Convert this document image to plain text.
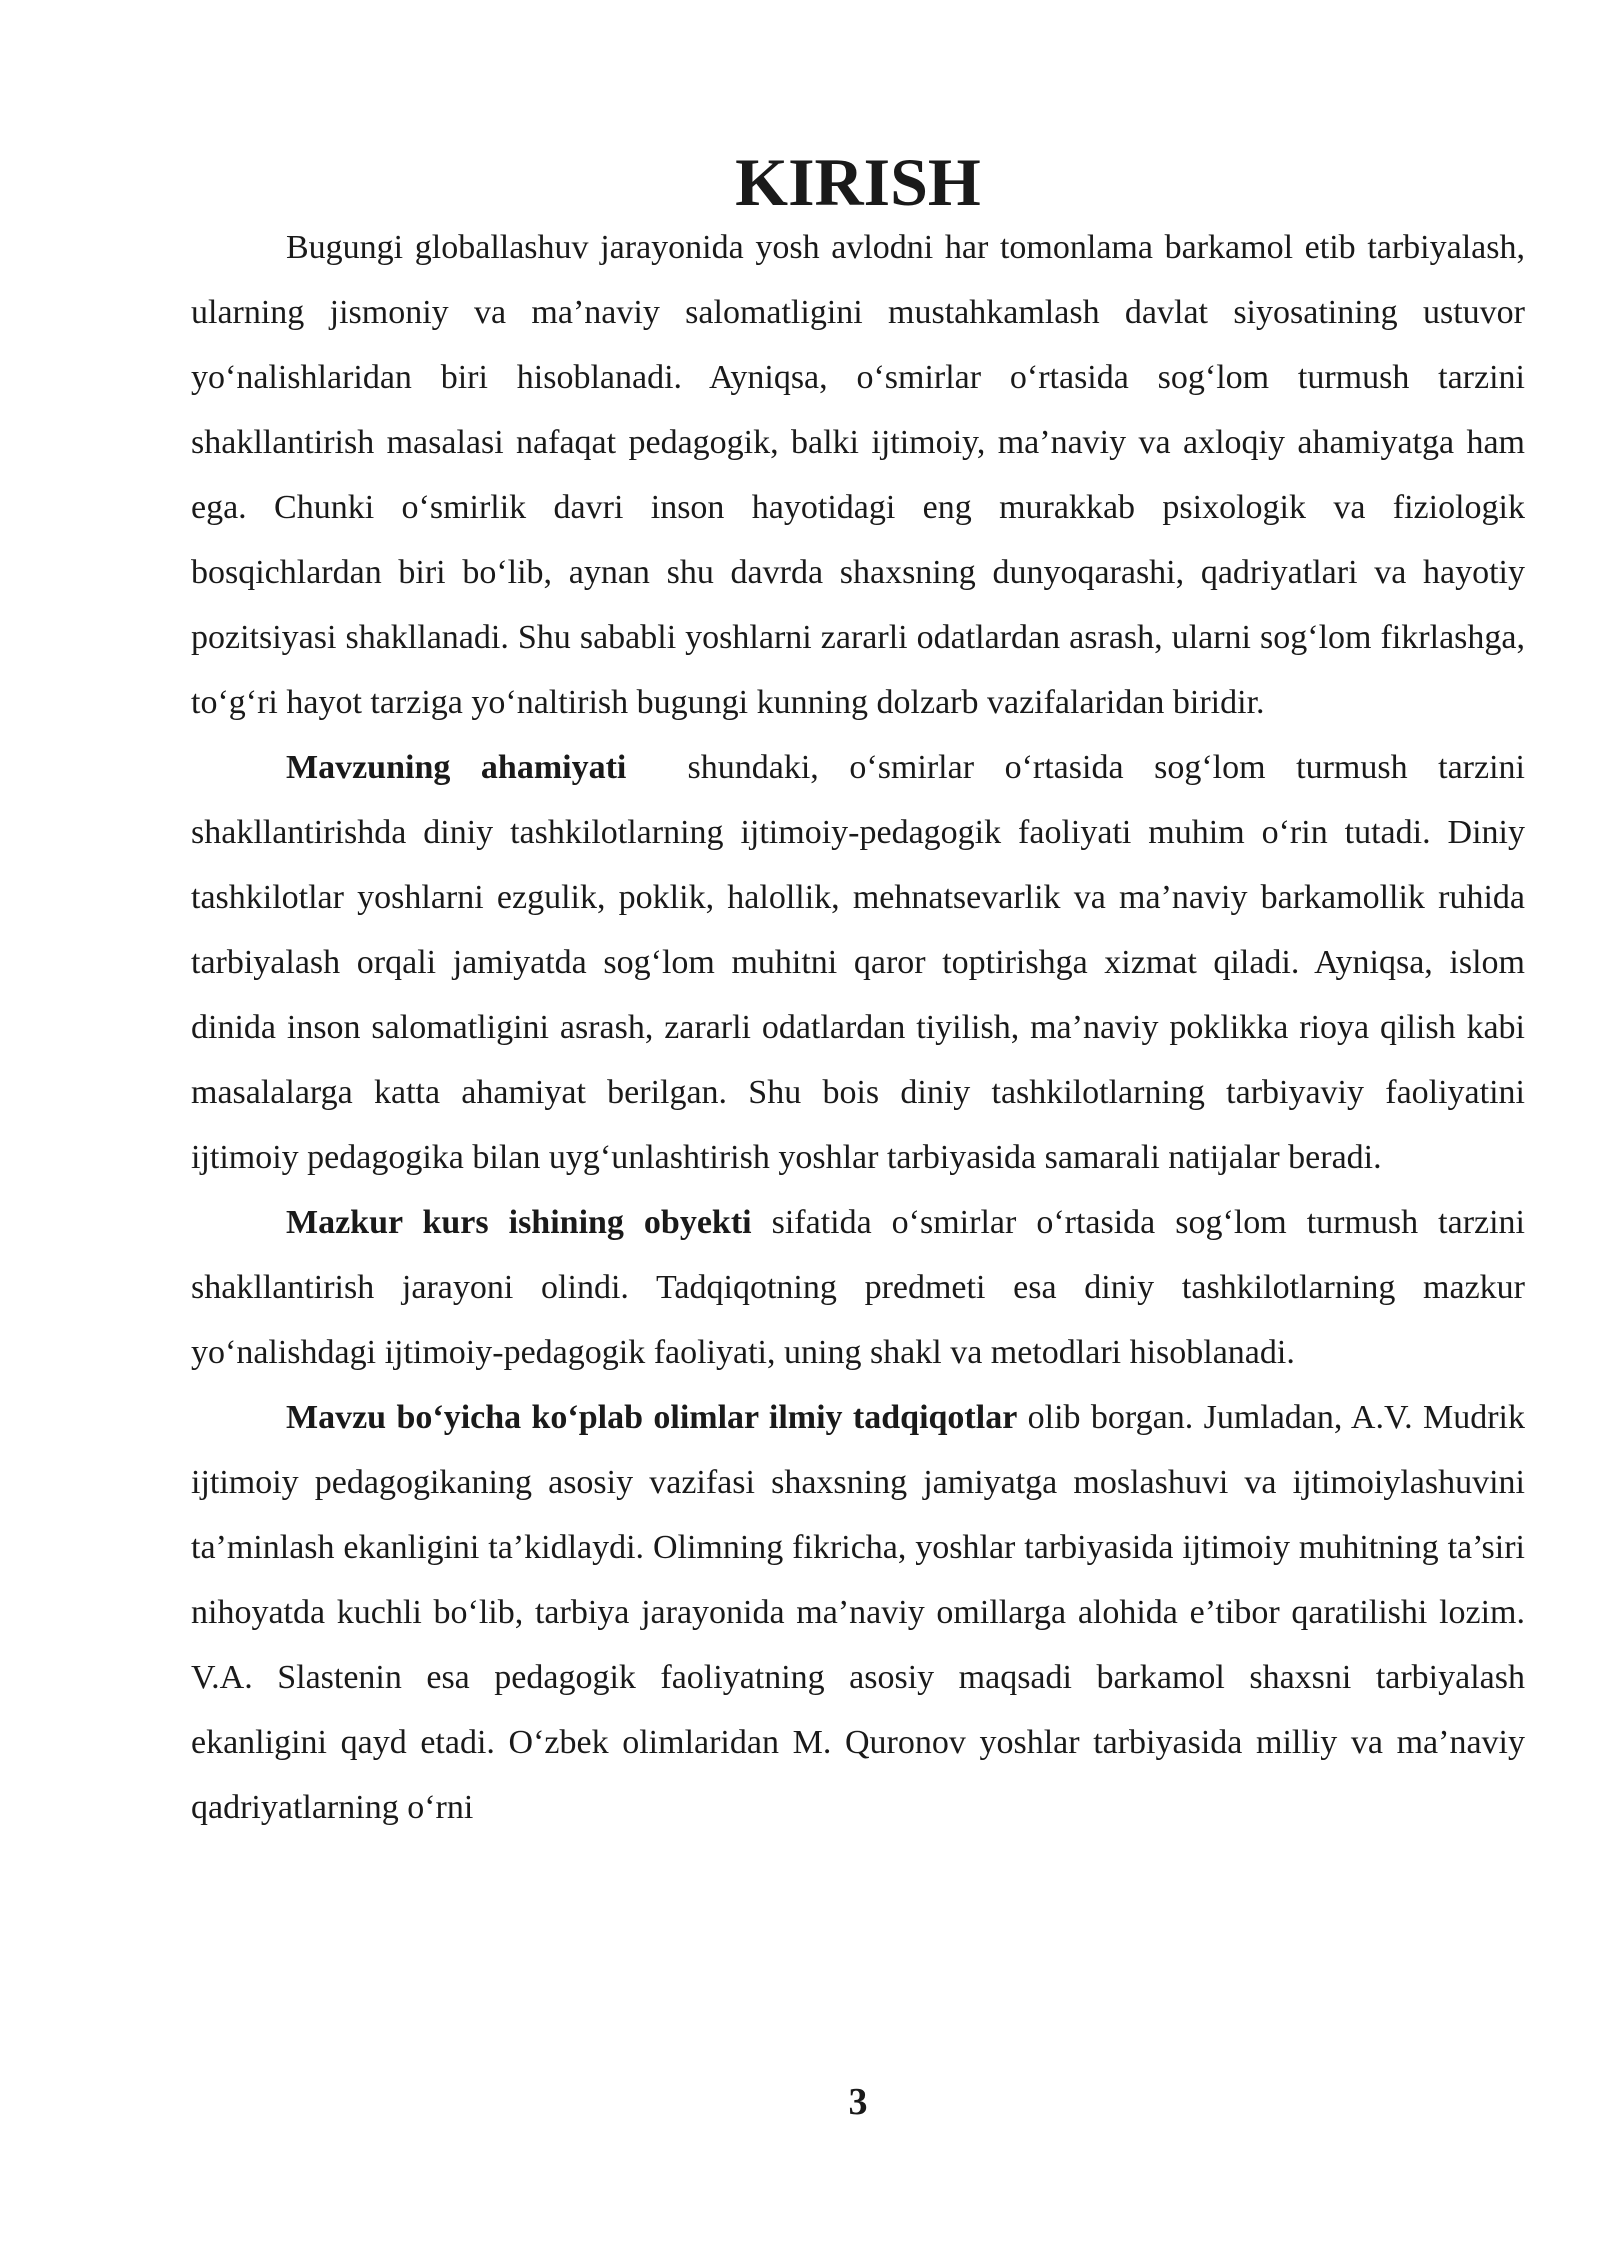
KIRISH

Bugungi globallashuv jarayonida yosh avlodni har tomonlama barkamol etib tarbiyalash, ularning jismoniy va ma’naviy salomatligini mustahkamlash davlat siyosatining ustuvor yo‘nalishlaridan biri hisoblanadi. Ayniqsa, o‘smirlar o‘rtasida sog‘lom turmush tarzini shakllantirish masalasi nafaqat pedagogik, balki ijtimoiy, ma’naviy va axloqiy ahamiyatga ham ega. Chunki o‘smirlik davri inson hayotidagi eng murakkab psixologik va fiziologik bosqichlardan biri bo‘lib, aynan shu davrda shaxsning dunyoqarashi, qadriyatlari va hayotiy pozitsiyasi shakllanadi. Shu sababli yoshlarni zararli odatlardan asrash, ularni sog‘lom fikrlashga, to‘g‘ri hayot tarziga yo‘naltirish bugungi kunning dolzarb vazifalaridan biridir.

Mavzuning ahamiyati  shundaki, o‘smirlar o‘rtasida sog‘lom turmush tarzini shakllantirishda diniy tashkilotlarning ijtimoiy-pedagogik faoliyati muhim o‘rin tutadi. Diniy tashkilotlar yoshlarni ezgulik, poklik, halollik, mehnatsevarlik va ma’naviy barkamollik ruhida tarbiyalash orqali jamiyatda sog‘lom muhitni qaror toptirishga xizmat qiladi. Ayniqsa, islom dinida inson salomatligini asrash, zararli odatlardan tiyilish, ma’naviy poklikka rioya qilish kabi masalalarga katta ahamiyat berilgan. Shu bois diniy tashkilotlarning tarbiyaviy faoliyatini ijtimoiy pedagogika bilan uyg‘unlashtirish yoshlar tarbiyasida samarali natijalar beradi.

Mazkur kurs ishining obyekti sifatida o‘smirlar o‘rtasida sog‘lom turmush tarzini shakllantirish jarayoni olindi. Tadqiqotning predmeti esa diniy tashkilotlarning mazkur yo‘nalishdagi ijtimoiy-pedagogik faoliyati, uning shakl va metodlari hisoblanadi.

Mavzu bo‘yicha ko‘plab olimlar ilmiy tadqiqotlar olib borgan. Jumladan, A.V. Mudrik ijtimoiy pedagogikaning asosiy vazifasi shaxsning jamiyatga moslashuvi va ijtimoiylashuvini ta’minlash ekanligini ta’kidlaydi. Olimning fikricha, yoshlar tarbiyasida ijtimoiy muhitning ta’siri nihoyatda kuchli bo‘lib, tarbiya jarayonida ma’naviy omillarga alohida e’tibor qaratilishi lozim. V.A. Slastenin esa pedagogik faoliyatning asosiy maqsadi barkamol shaxsni tarbiyalash ekanligini qayd etadi. O‘zbek olimlaridan M. Quronov yoshlar tarbiyasida milliy va ma’naviy qadriyatlarning o‘rni

3
